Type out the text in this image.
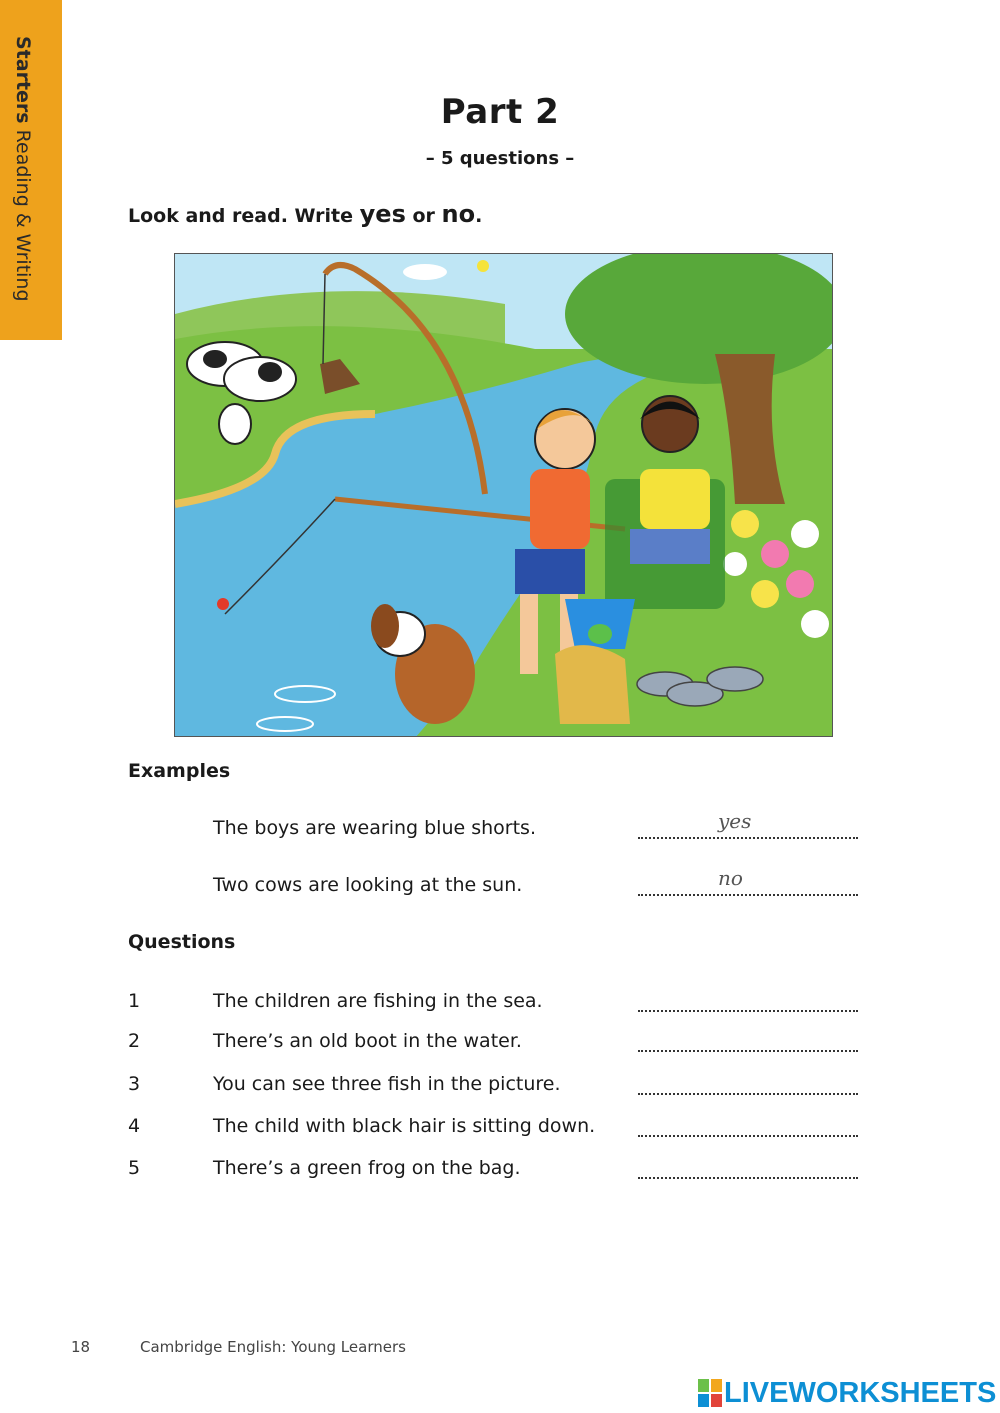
Starters Reading & Writing
Part 2
– 5 questions –
Look and read. Write yes or no.
Examples
The boys are wearing blue shorts.	yes
Two cows are looking at the sun.	no
Questions
1	The children are fishing in the sea.
2	There’s an old boot in the water.
3	You can see three fish in the picture.
4	The child with black hair is sitting down.
5	There’s a green frog on the bag.
18	Cambridge English: Young Learners
LIVEWORKSHEETS
